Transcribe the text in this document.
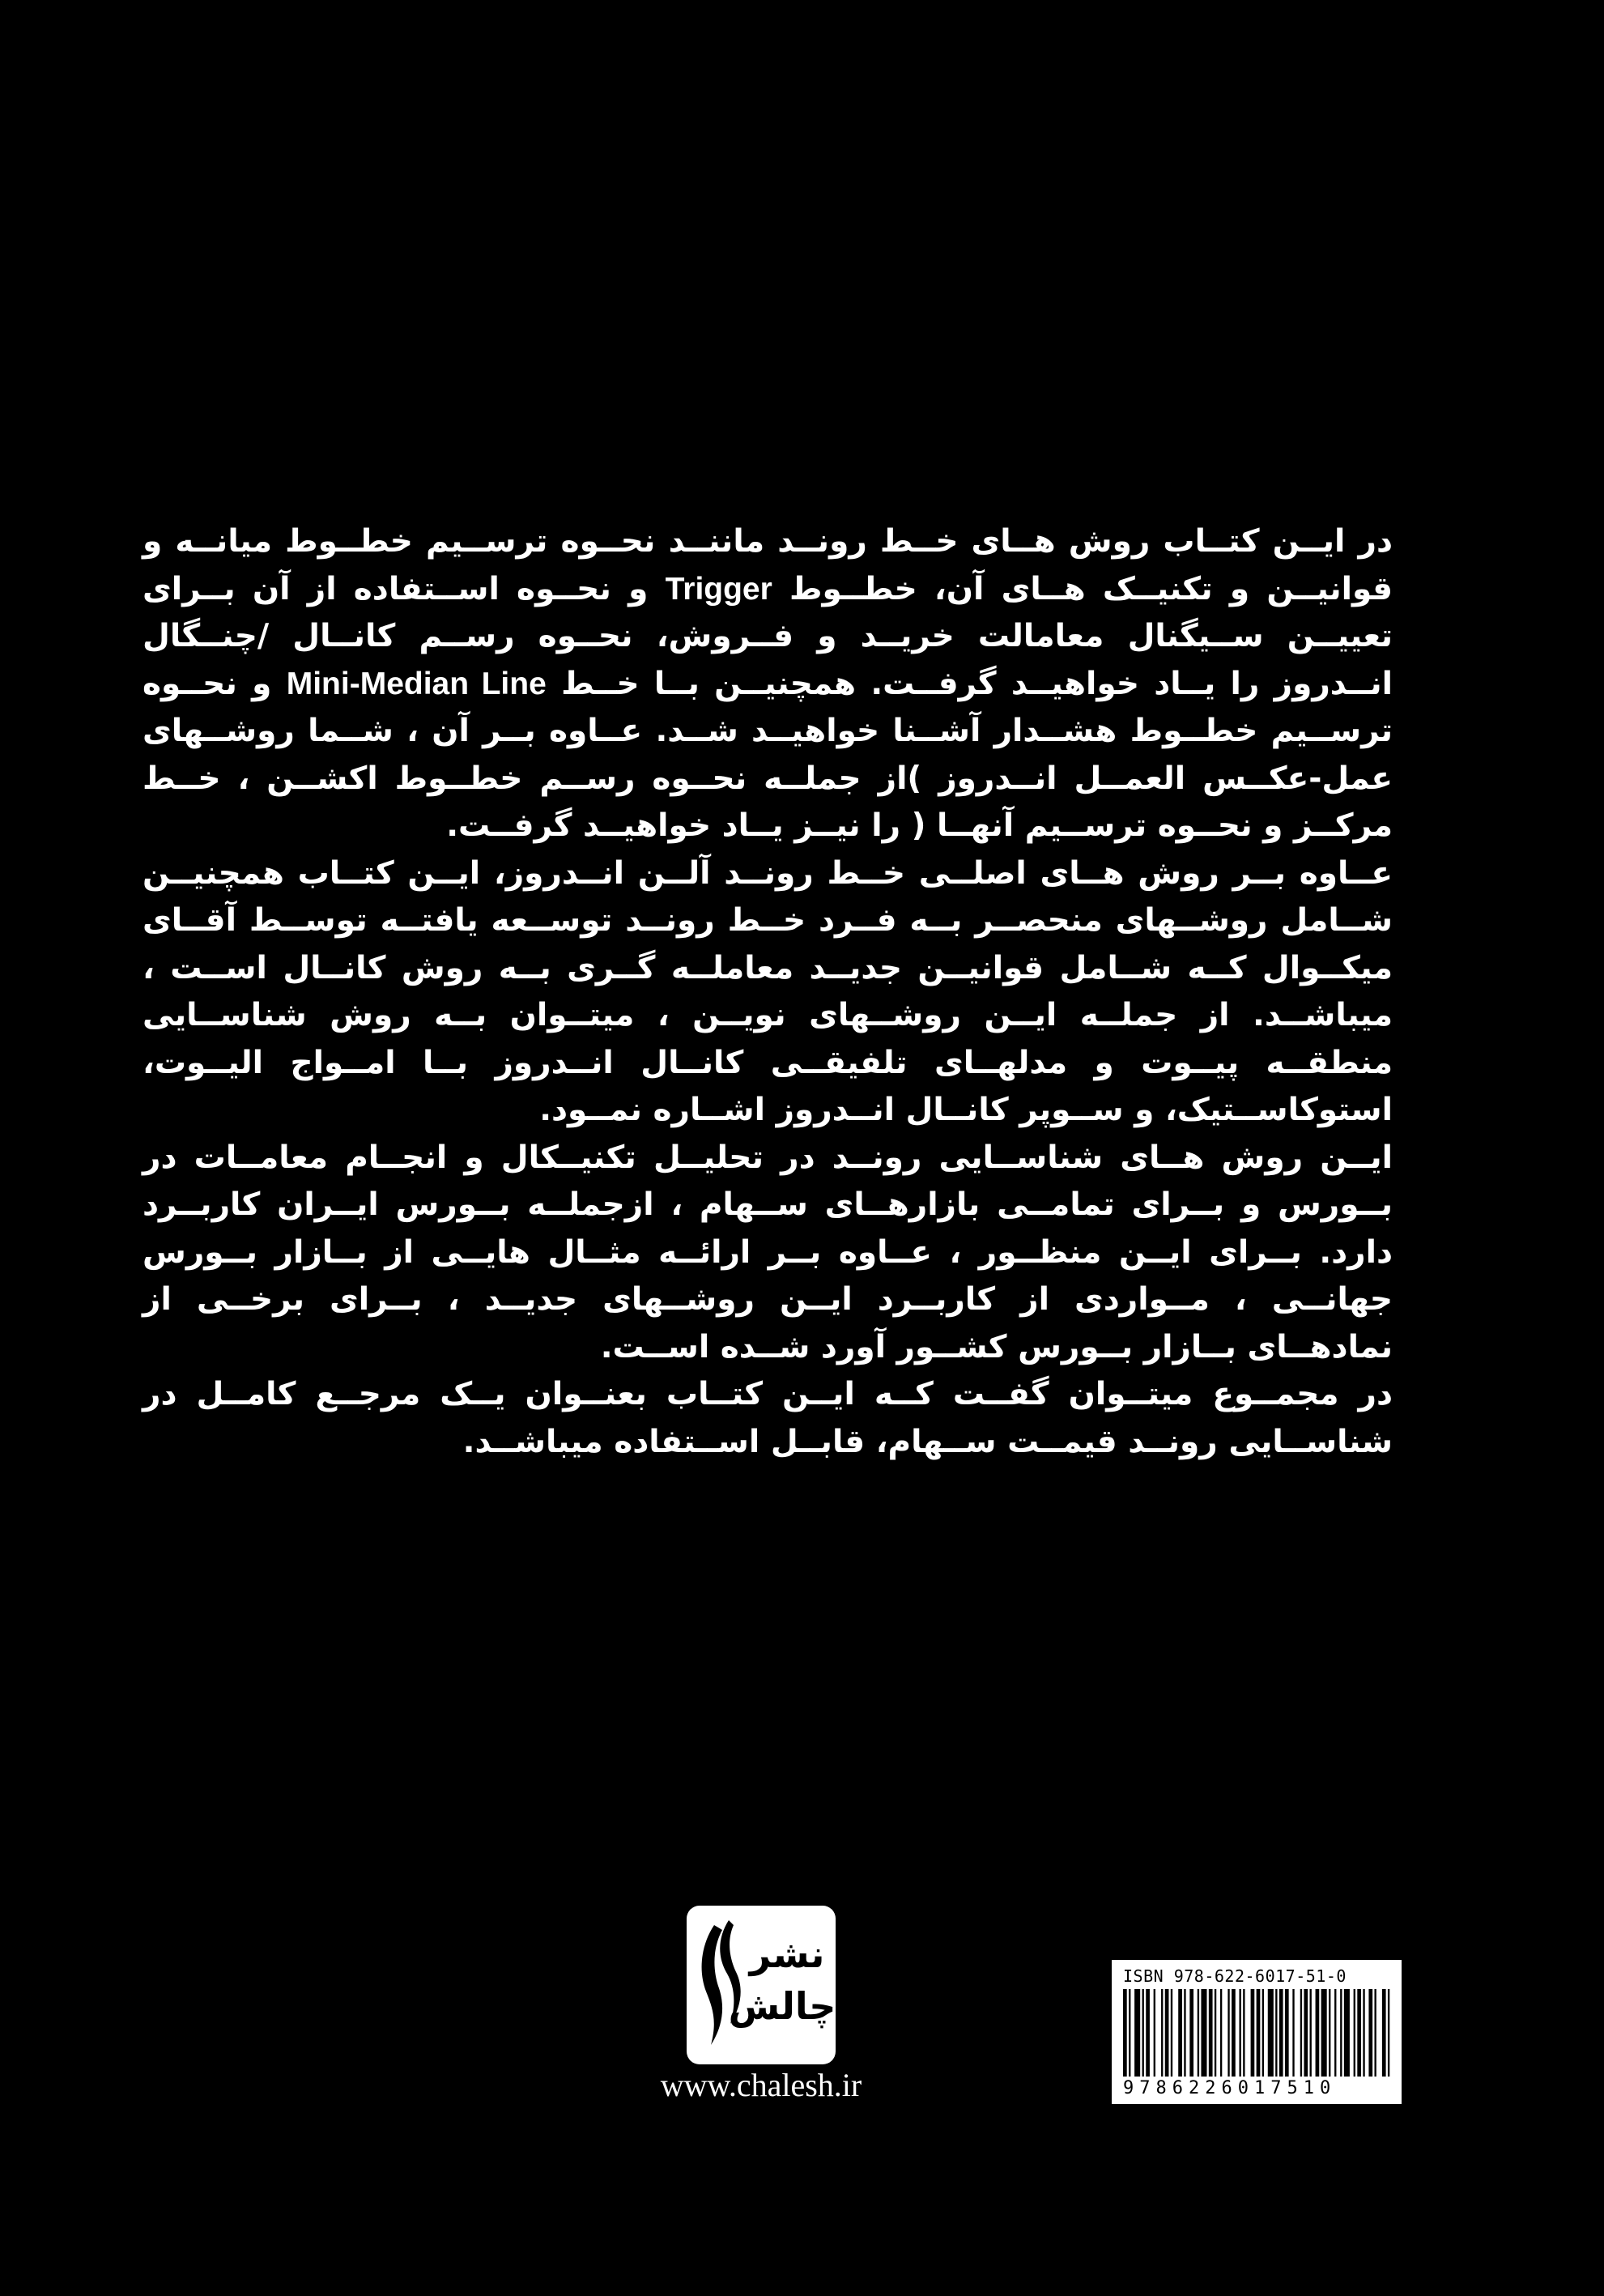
در ایــن کتــاب روش هــای خــط رونــد ماننــد نحــوه ترســیم خطــوط میانــه و قوانیــن و تکنیــک هــای آن، خطــوط Trigger و نحــوه اســتفاده از آن بــرای تعییــن ســیگنال معامالت خریــد و فــروش، نحــوه رســم کانــال /چنــگال انــدروز را یــاد خواهیــد گرفــت. همچنیــن بــا خــط Mini-Median Line و نحــوه ترســیم خطــوط هشــدار آشــنا خواهیــد شــد. عــاوه بــر آن ، شــما روشــهای عمل-عکــس العمــل انــدروز )از جملــه نحــوه رســم خطــوط اکشــن ، خــط مرکــز و نحــوه ترســیم آنهــا ( را نیــز یــاد خواهیــد گرفــت.

عــاوه بــر روش هــای اصلــی خــط رونــد آلــن انــدروز، ایــن کتــاب همچنیــن شــامل روشــهای منحصــر بــه فــرد خــط رونــد توســعه یافتــه توســط آقــای میکــوال کــه شــامل قوانیــن جدیــد معاملــه گــری بــه روش کانــال اســت ، میباشــد. از جملــه ایــن روشــهای نویــن ، میتــوان بــه روش شناســایی منطقــه پیــوت و مدلهــای تلفیقــی کانــال انــدروز بــا امــواج الیــوت، استوکاســتیک، و ســوپر کانــال انــدروز اشــاره نمــود.

ایــن روش هــای شناســایی رونــد در تحلیــل تکنیــکال و انجــام معامــات در بــورس و بــرای تمامــی بازارهــای ســهام ، ازجملــه بــورس ایــران کاربــرد دارد. بــرای ایــن منظــور ، عــاوه بــر ارائــه مثــال هایــی از بــازار بــورس جهانــی ، مــواردی از کاربــرد ایــن روشــهای جدیــد ، بــرای برخــی از نمادهــای بــازار بــورس کشــور آورد شــده اســت.

در مجمــوع میتــوان گفــت کــه ایــن کتــاب بعنــوان یــک مرجــع کامــل در شناســایی رونــد قیمــت ســهام، قابــل اســتفاده میباشــد.

نشر
چالش
www.chalesh.ir
ISBN 978-622-6017-51-0
9786226017510
